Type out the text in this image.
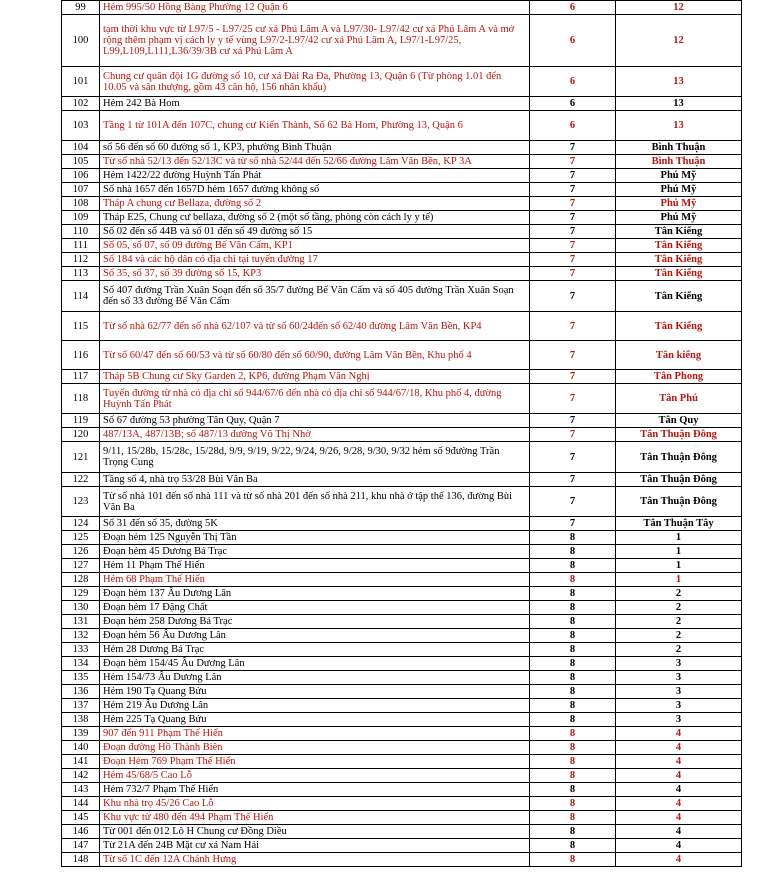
99	Hẻm 995/50 Hồng Bàng Phường 12 Quận 6	6	12
100	tạm thời khu vực từ L97/5 - L97/25 cư xá Phú Lâm A và L97/30- L97/42 cư xá Phú Lâm A và mở rộng thêm phạm vị cách ly y tế vùng L97/2-L97/42 cư xá Phú Lâm A, L97/1-L97/25, L99,L109,L111,L36/39/3B cư xá Phú Lâm A	6	12
101	Chung cư quân đội 1G đường số 10, cư xá Đài Ra Đa, Phường 13, Quận 6 (Từ phòng 1.01 đến 10.05 và sân thượng, gồm 43 căn hộ, 156 nhân khẩu)	6	13
102	Hẻm 242 Bà Hom	6	13
103	Tầng 1 từ 101A đến 107C, chung cư Kiến Thành, Số 62 Bà Hom, Phường 13, Quận 6	6	13
104	số 56 đến số 60 đường số 1, KP3, phường Bình Thuận	7	Bình Thuận
105	Từ số nhà 52/13 đến 52/13C và từ số nhà 52/44 đến 52/66 đường Lâm Văn Bền, KP 3A	7	Bình Thuận
106	Hẻm 1422/22 đường Huỳnh Tấn Phát	7	Phú Mỹ
107	Số nhà 1657 đến 1657D hẻm 1657 đường không số	7	Phú Mỹ
108	Tháp A chung cư Bellaza, đường số 2	7	Phú Mỹ
109	Tháp E25, Chung cư bellaza, đường số 2 (một số tầng, phòng còn cách ly y tế)	7	Phú Mỹ
110	Số 02 đến số 44B và số 01 đến số 49 đường số 15	7	Tân Kiểng
111	Số 05, số 07, số 09 đường Bế Văn Cấm, KP1	7	Tân Kiểng
112	Số 184 và các hộ dân có địa chỉ tại tuyến đường 17	7	Tân Kiểng
113	Số 35, số 37, số 39 đường số 15, KP3	7	Tân Kiểng
114	Số 407 đường Trần Xuân Soạn đến số 35/7 đường Bế Văn Cấm và số 405 đường Trần Xuân Soạn đến số 33 đường Bế Văn Cấm	7	Tân Kiểng
115	Từ số nhà 62/77 đến số nhà 62/107 và từ số 60/24đến số 62/40 đường Lâm Văn Bền, KP4	7	Tân Kiểng
116	Từ số 60/47 đến số 60/53 và từ số 60/80 đến số 60/90, đường Lâm Văn Bền, Khu phố 4	7	Tân kiểng
117	Tháp 5B Chung cư Sky Garden 2, KP6, đường Phạm Văn Nghị	7	Tân Phong
118	Tuyến đường từ nhà có địa chỉ số 944/67/6 đến nhà có địa chỉ số 944/67/18, Khu phố 4, đường Huỳnh Tấn Phát	7	Tân Phú
119	Số 67 đường 53 phường Tân Quy, Quận 7	7	Tân Quy
120	487/13A, 487/13B; số 487/13 đường Võ Thị Nhờ	7	Tân Thuận Đông
121	9/11, 15/28b, 15/28c, 15/28d, 9/9, 9/19, 9/22, 9/24, 9/26, 9/28, 9/30, 9/32 hẻm số 9đường Trần Trọng Cung	7	Tân Thuận Đông
122	Tầng số 4, nhà trọ 53/28 Bùi Văn Ba	7	Tân Thuận Đông
123	Từ số nhà 101 đến số nhà 111 và từ số nhà 201 đến số nhà 211, khu nhà ở tập thể 136, đường Bùi Văn Ba	7	Tân Thuận Đông
124	Số 31 đến số 35, đường 5K	7	Tân Thuận Tây
125	Đoạn hẻm 125 Nguyễn Thị Tần	8	1
126	Đoạn hẻm 45 Dương Bá Trạc	8	1
127	Hẻm 11 Phạm Thế Hiển	8	1
128	Hẻm 68 Phạm Thế Hiển	8	1
129	Đoạn hẻm 137 Âu Dương Lân	8	2
130	Đoạn hẻm 17 Đặng Chất	8	2
131	Đoạn hẻm 258 Dương Bá Trạc	8	2
132	Đoạn hẻm 56 Âu Dương Lân	8	2
133	Hẻm 28 Dương Bá Trạc	8	2
134	Đoạn hẻm 154/45 Âu Dương Lân	8	3
135	Hẻm 154/73 Âu Dương Lân	8	3
136	Hẻm 190 Tạ Quang Bửu	8	3
137	Hẻm 219 Âu Dương Lân	8	3
138	Hẻm 225 Tạ Quang Bửu	8	3
139	907 đến 911 Phạm Thế Hiển	8	4
140	Đoạn đường Hồ Thành Biên	8	4
141	Đoạn Hẻm 769 Phạm Thế Hiển	8	4
142	Hẻm 45/68/5 Cao Lỗ	8	4
143	Hẻm 732/7 Phạm Thế Hiển	8	4
144	Khu nhà trọ 45/26 Cao Lỗ	8	4
145	Khu vực từ 480 đến 494 Phạm Thế Hiển	8	4
146	Từ 001 đến 012 Lô H Chung cư Đồng Diều	8	4
147	Từ 21A đến 24B Mặt cư xá Nam Hải	8	4
148	Từ số 1C đến 12A Chánh Hưng	8	4
